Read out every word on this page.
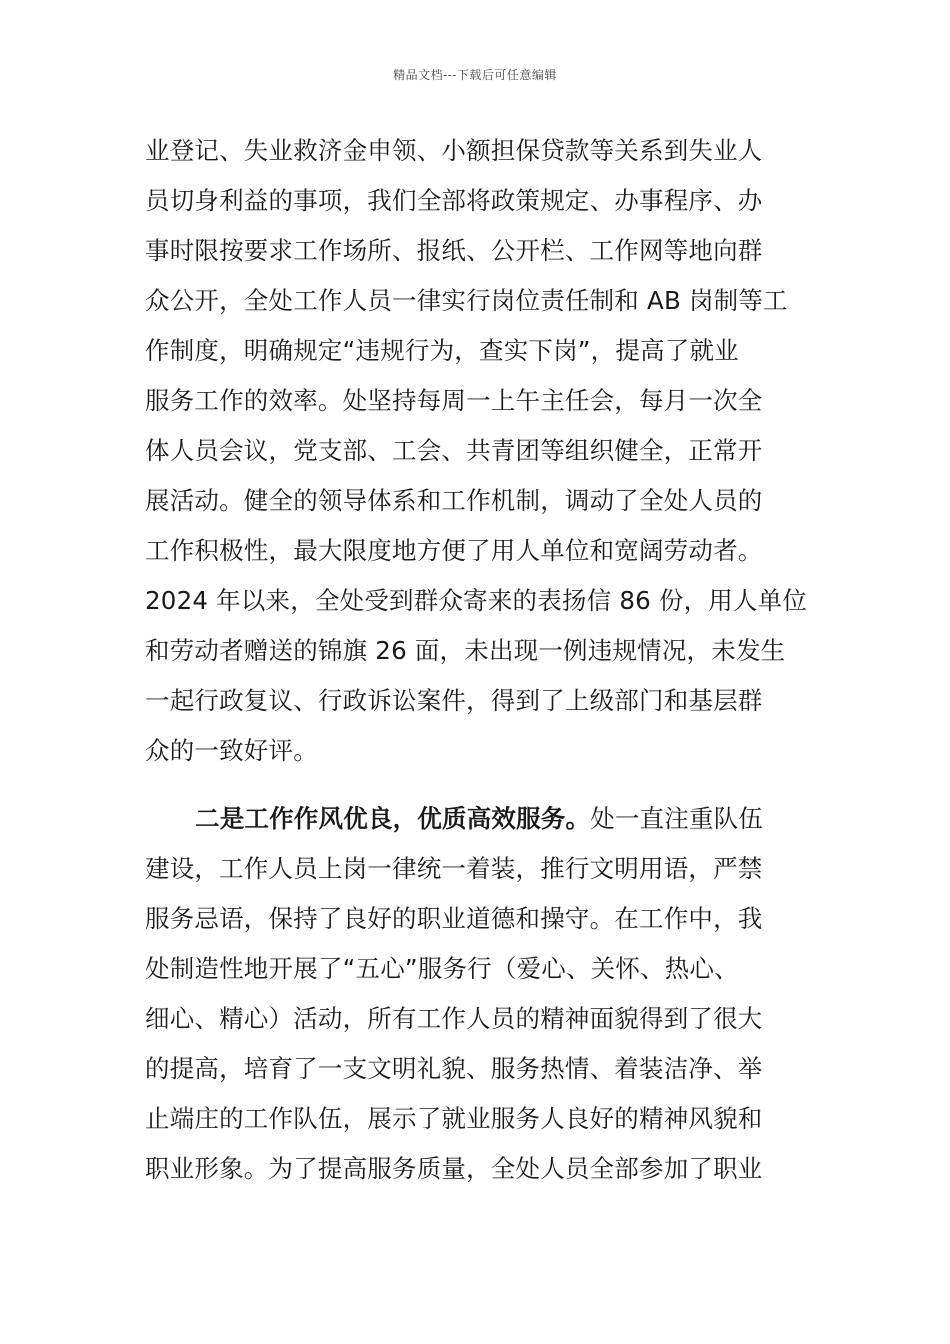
精品文档---下载后可任意编辑
业登记、失业救济金申领、小额担保贷款等关系到失业人
员切身利益的事项，我们全部将政策规定、办事程序、办
事时限按要求工作场所、报纸、公开栏、工作网等地向群
众公开，全处工作人员一律实行岗位责任制和 AB 岗制等工
作制度，明确规定“违规行为，查实下岗”，提高了就业
服务工作的效率。处坚持每周一上午主任会，每月一次全
体人员会议，党支部、工会、共青团等组织健全，正常开
展活动。健全的领导体系和工作机制，调动了全处人员的
工作积极性，最大限度地方便了用人单位和宽阔劳动者。
2024 年以来，全处受到群众寄来的表扬信 86 份，用人单位
和劳动者赠送的锦旗 26 面，未出现一例违规情况，未发生
一起行政复议、行政诉讼案件，得到了上级部门和基层群
众的一致好评。
二是工作作风优良，优质高效服务。处一直注重队伍
建设，工作人员上岗一律统一着装，推行文明用语，严禁
服务忌语，保持了良好的职业道德和操守。在工作中，我
处制造性地开展了“五心”服务行（爱心、关怀、热心、
细心、精心）活动，所有工作人员的精神面貌得到了很大
的提高，培育了一支文明礼貌、服务热情、着装洁净、举
止端庄的工作队伍，展示了就业服务人良好的精神风貌和
职业形象。为了提高服务质量，全处人员全部参加了职业
